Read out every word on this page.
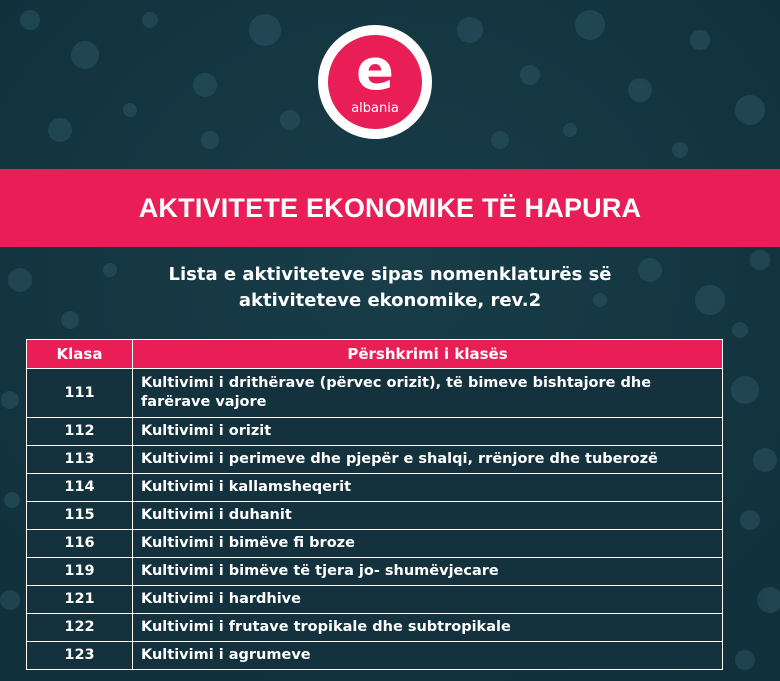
e
albania
AKTIVITETE EKONOMIKE TË HAPURA
Lista e aktiviteteve sipas nomenklaturës së
aktiviteteve ekonomike, rev.2
Klasa	Përshkrimi i klasës
111	Kultivimi i drithërave (përvec orizit), të bimeve bishtajore dhe
farërave vajore

112	Kultivimi i orizit
113	Kultivimi i perimeve dhe pjepër e shalqi, rrënjore dhe tuberozë
114	Kultivimi i kallamsheqerit
115	Kultivimi i duhanit
116	Kultivimi i bimëve fi broze
119	Kultivimi i bimëve të tjera jo- shumëvjecare
121	Kultivimi i hardhive
122	Kultivimi i frutave tropikale dhe subtropikale
123	Kultivimi i agrumeve
